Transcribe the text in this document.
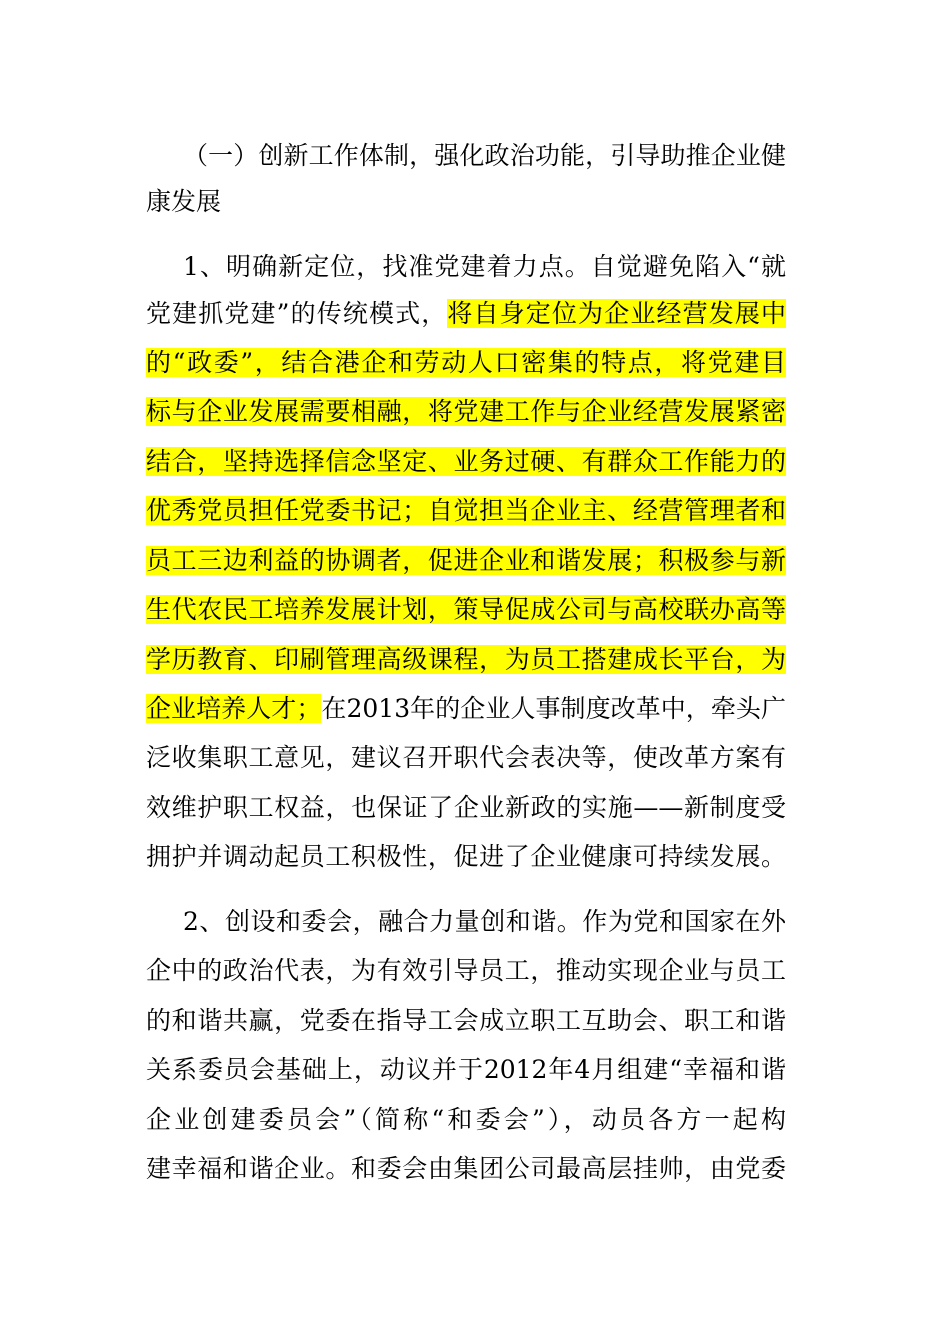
（一）创新工作体制，强化政治功能，引导助推企业健
康发展
1、明确新定位，找准党建着力点。自觉避免陷入“就
党建抓党建”的传统模式，将自身定位为企业经营发展中
的“政委”，结合港企和劳动人口密集的特点，将党建目
标与企业发展需要相融，将党建工作与企业经营发展紧密
结合，坚持选择信念坚定、业务过硬、有群众工作能力的
优秀党员担任党委书记；自觉担当企业主、经营管理者和
员工三边利益的协调者，促进企业和谐发展；积极参与新
生代农民工培养发展计划，策导促成公司与高校联办高等
学历教育、印刷管理高级课程，为员工搭建成长平台，为
企业培养人才；在2013年的企业人事制度改革中，牵头广
泛收集职工意见，建议召开职代会表决等，使改革方案有
效维护职工权益，也保证了企业新政的实施——新制度受
拥护并调动起员工积极性，促进了企业健康可持续发展。
2、创设和委会，融合力量创和谐。作为党和国家在外
企中的政治代表，为有效引导员工，推动实现企业与员工
的和谐共赢，党委在指导工会成立职工互助会、职工和谐
关系委员会基础上，动议并于2012年4月组建“幸福和谐
企业创建委员会”（简称“和委会”），动员各方一起构
建幸福和谐企业。和委会由集团公司最高层挂帅，由党委
